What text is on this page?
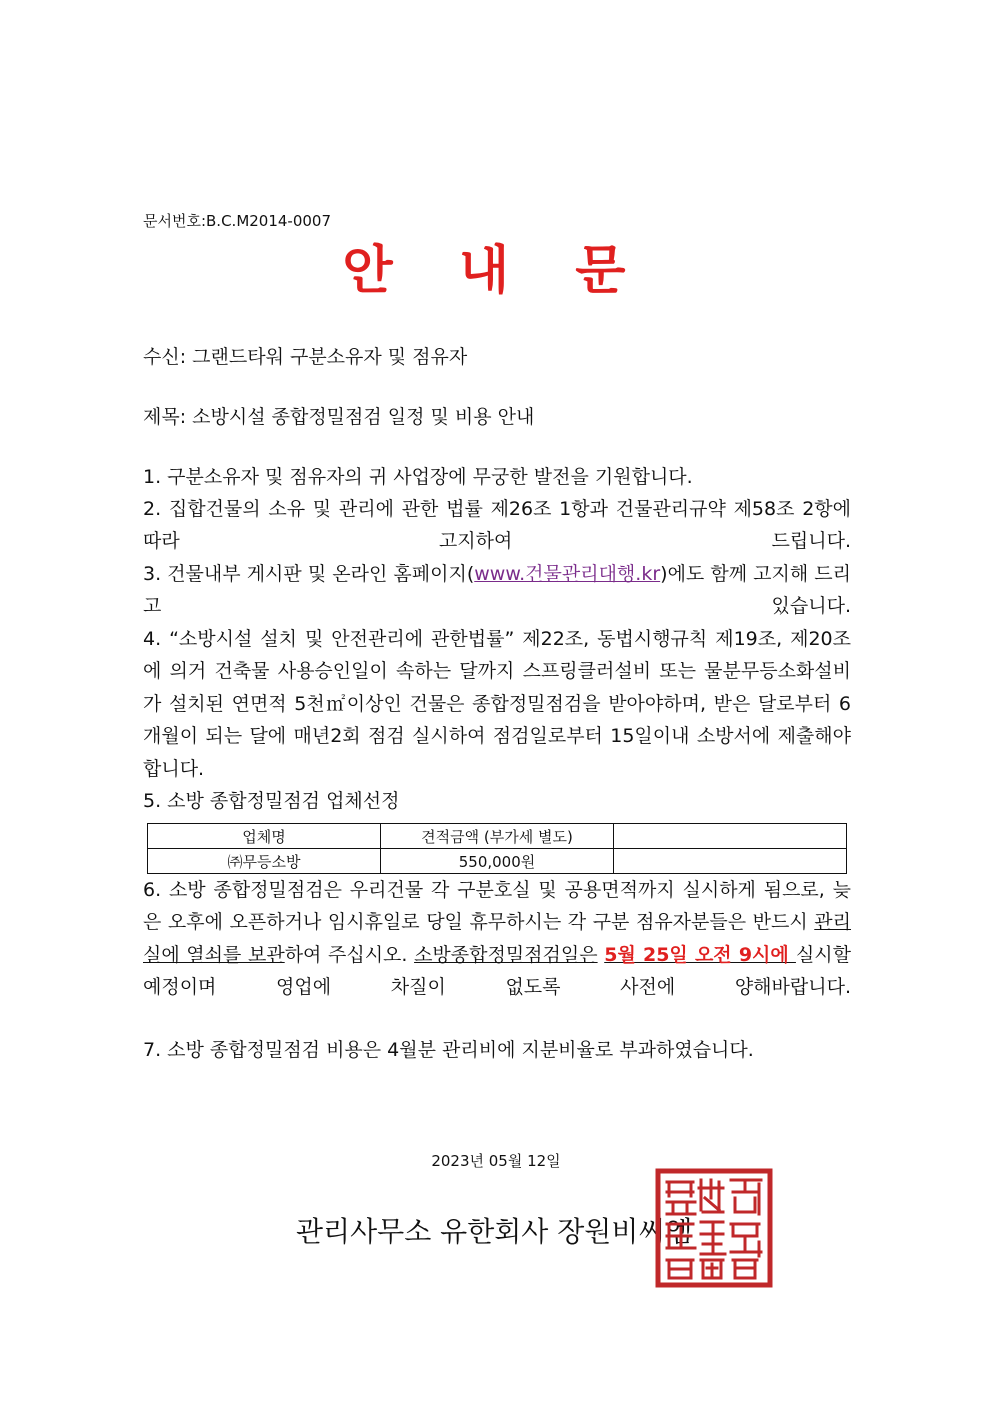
문서번호:B.C.M2014-0007
안 내 문
수신: 그랜드타워 구분소유자 및 점유자
제목: 소방시설 종합정밀점검 일정 및 비용 안내
1. 구분소유자 및 점유자의 귀 사업장에 무궁한 발전을 기원합니다.
2. 집합건물의 소유 및 관리에 관한 법률 제26조 1항과 건물관리규약 제58조 2항에 따라 고지하여 드립니다.
3. 건물내부 게시판 및 온라인 홈페이지(www.건물관리대행.kr)에도 함께 고지해 드리고 있습니다.
4. “소방시설 설치 및 안전관리에 관한법률” 제22조, 동법시행규칙 제19조, 제20조에 의거 건축물 사용승인일이 속하는 달까지 스프링클러설비 또는 물분무등소화설비가 설치된 연면적 5천㎡이상인 건물은 종합정밀점검을 받아야하며, 받은 달로부터 6개월이 되는 달에 매년2회 점검 실시하여 점검일로부터 15일이내 소방서에 제출해야 합니다.
5. 소방 종합정밀점검 업체선정
업체명	견적금액 (부가세 별도)	
㈜무등소방	550,000원	
6. 소방 종합정밀점검은 우리건물 각 구분호실 및 공용면적까지 실시하게 됨으로, 늦은 오후에 오픈하거나 임시휴일로 당일 휴무하시는 각 구분 점유자분들은 반드시 관리실에 열쇠를 보관하여 주십시오. 소방종합정밀점검일은 5월 25일 오전 9시에 실시할 예정이며 영업에 차질이 없도록 사전에 양해바랍니다.
7. 소방 종합정밀점검 비용은 4월분 관리비에 지분비율로 부과하였습니다.
2023년 05월 12일
관리사무소 유한회사 장원비씨엠
